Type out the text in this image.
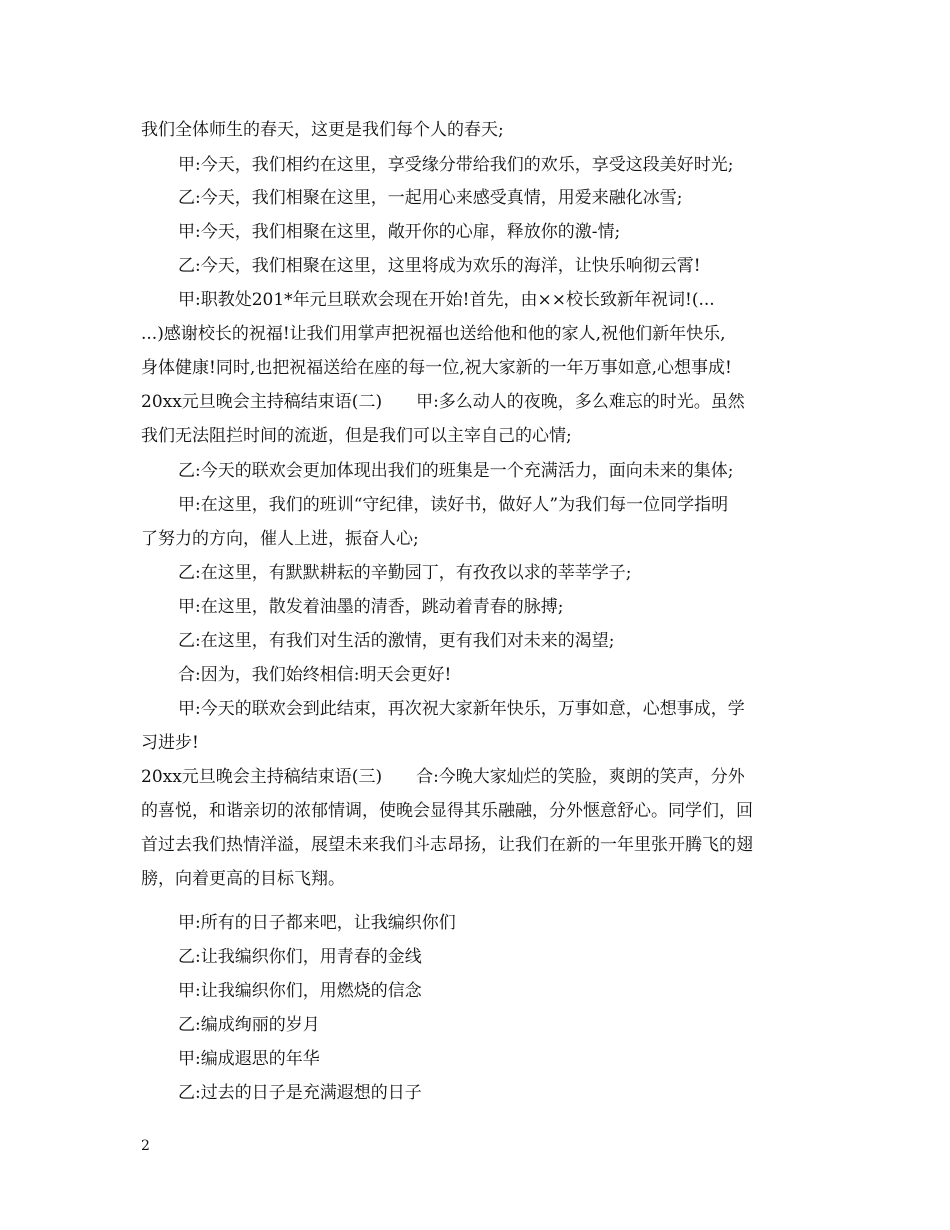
我们全体师生的春天，这更是我们每个人的春天;
甲:今天，我们相约在这里，享受缘分带给我们的欢乐，享受这段美好时光;
乙:今天，我们相聚在这里，一起用心来感受真情，用爱来融化冰雪;
甲:今天，我们相聚在这里，敞开你的心扉，释放你的激-情;
乙:今天，我们相聚在这里，这里将成为欢乐的海洋，让快乐响彻云霄!
甲:职教处201*年元旦联欢会现在开始!首先，由××校长致新年祝词!(...
...)感谢校长的祝福!让我们用掌声把祝福也送给他和他的家人,祝他们新年快乐,
身体健康!同时,也把祝福送给在座的每一位,祝大家新的一年万事如意,心想事成!
20xx元旦晚会主持稿结束语(二)　　甲:多么动人的夜晚，多么难忘的时光。虽然
我们无法阻拦时间的流逝，但是我们可以主宰自己的心情;
乙:今天的联欢会更加体现出我们的班集是一个充满活力，面向未来的集体;
甲:在这里，我们的班训“守纪律，读好书，做好人”为我们每一位同学指明
了努力的方向，催人上进，振奋人心;
乙:在这里，有默默耕耘的辛勤园丁，有孜孜以求的莘莘学子;
甲:在这里，散发着油墨的清香，跳动着青春的脉搏;
乙:在这里，有我们对生活的激情，更有我们对未来的渴望;
合:因为，我们始终相信:明天会更好!
甲:今天的联欢会到此结束，再次祝大家新年快乐，万事如意，心想事成，学
习进步!
20xx元旦晚会主持稿结束语(三)　　合:今晚大家灿烂的笑脸，爽朗的笑声，分外
的喜悦，和谐亲切的浓郁情调，使晚会显得其乐融融，分外惬意舒心。同学们，回
首过去我们热情洋溢，展望未来我们斗志昂扬，让我们在新的一年里张开腾飞的翅
膀，向着更高的目标飞翔。
甲:所有的日子都来吧，让我编织你们
乙:让我编织你们，用青春的金线
甲:让我编织你们，用燃烧的信念
乙:编成绚丽的岁月
甲:编成遐思的年华
乙:过去的日子是充满遐想的日子
2
